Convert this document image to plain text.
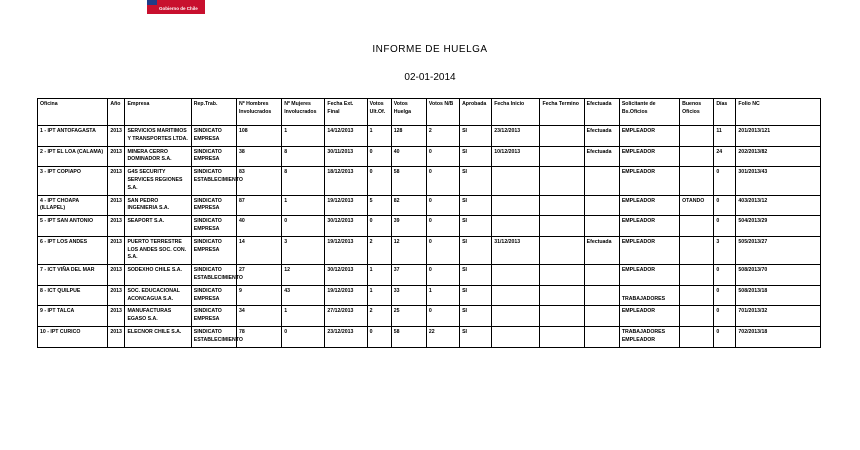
Gobierno de Chile
INFORME DE HUELGA
02-01-2014
Oficina	Año	Empresa	Rep.Trab.	Nº Hombres Involucrados	Nº Mujeres Involucrados	Fecha Ext. Final	Votos Ult.Of.	Votos Huelga	Votos N/B	Aprobada	Fecha Inicio	Fecha Termino	Efectuada	Solicitante de Bs.Oficios	Buenos Oficios	Días	Folio NC
1 - IPT ANTOFAGASTA	2013	SERVICIOS MARITIMOS Y TRANSPORTES LTDA.	SINDICATO EMPRESA	108	1	14/12/2013	1	128	2	SI	23/12/2013		Efectuada	EMPLEADOR		11	201/2013/121
2 - IPT EL LOA (CALAMA)	2013	MINERA CERRO DOMINADOR S.A.	SINDICATO EMPRESA	38	8	30/11/2013	0	40	0	SI	10/12/2013		Efectuada	EMPLEADOR		24	202/2013/82
3 - IPT COPIAPO	2013	G4S SECURITY SERVICES REGIONES S.A.	SINDICATO ESTABLECIMIENTO	83	8	18/12/2013	0	58	0	SI				EMPLEADOR		0	301/2013/43
4 - IPT CHOAPA (ILLAPEL)	2013	SAN PEDRO INGENIERIA S.A.	SINDICATO EMPRESA	87	1	19/12/2013	5	82	0	SI				EMPLEADOR	OTANDO	0	403/2013/12
5 - IPT SAN ANTONIO	2013	SEAPORT S.A.	SINDICATO EMPRESA	40	0	30/12/2013	0	39	0	SI				EMPLEADOR		0	504/2013/29
6 - IPT LOS ANDES	2013	PUERTO TERRESTRE LOS ANDES SOC. CON. S.A.	SINDICATO EMPRESA	14	3	19/12/2013	2	12	0	SI	31/12/2013		Efectuada	EMPLEADOR		3	505/2013/27
7 - ICT VIÑA DEL MAR	2013	SODEXHO CHILE S.A.	SINDICATO ESTABLECIMIENTO	27	12	30/12/2013	1	37	0	SI				EMPLEADOR		0	508/2013/70
8 - ICT QUILPUE	2013	SOC. EDUCACIONAL ACONCAGUA S.A.	SINDICATO EMPRESA	9	43	19/12/2013	1	33	1	SI				TRABAJADORES		0	508/2013/18
9 - IPT TALCA	2013	MANUFACTURAS EGASO S.A.	SINDICATO EMPRESA	34	1	27/12/2013	2	25	0	SI				EMPLEADOR		0	701/2013/32
10 - IPT CURICO	2013	ELECNOR CHILE S.A.	SINDICATO ESTABLECIMIENTO	78	0	23/12/2013	0	58	22	SI				TRABAJADORES EMPLEADOR		0	702/2013/18
